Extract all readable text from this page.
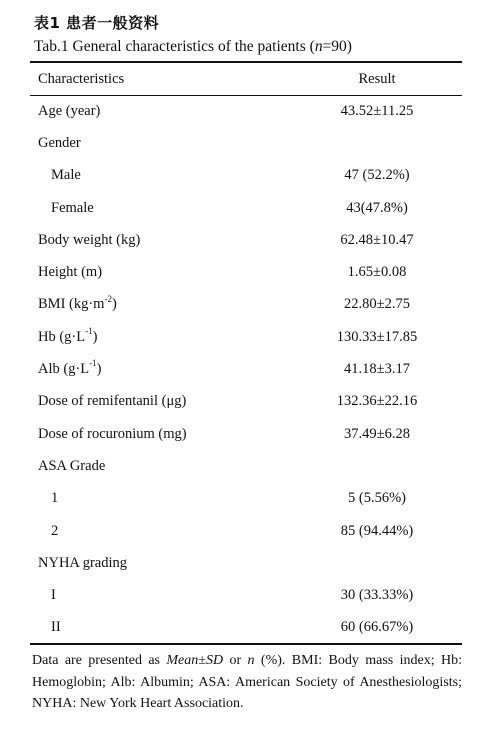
表1 患者一般资料
Tab.1 General characteristics of the patients (n=90)
Characteristics	Result
Age (year)	43.52±11.25
Gender	
Male	47 (52.2%)
Female	43(47.8%)
Body weight (kg)	62.48±10.47
Height (m)	1.65±0.08
BMI $(kg\cdot m^{-2})$	22.80±2.75
Hb $(g\cdot L^{-1})$	130.33±17.85
Alb $(g\cdot L^{-1})$	41.18±3.17
Dose of remifentanil (μg)	132.36±22.16
Dose of rocuronium (mg)	37.49±6.28
ASA Grade	
1	5 (5.56%)
2	85 (94.44%)
NYHA grading	
I	30 (33.33%)
II	60 (66.67%)
Data are presented as Mean±SD or n (%). BMI: Body mass index; Hb: Hemoglobin; Alb: Albumin; ASA: American Society of Anesthesiologists; NYHA: New York Heart Association.
